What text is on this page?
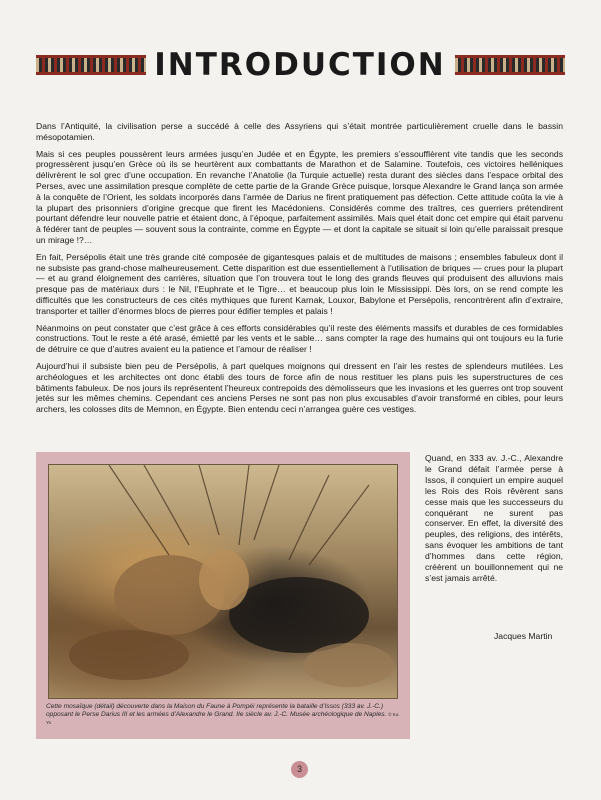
INTRODUCTION

Dans l’Antiquité, la civilisation perse a succédé à celle des Assyriens qui s’était montrée particulièrement cruelle dans le bassin mésopotamien.

Mais si ces peuples poussèrent leurs armées jusqu’en Judée et en Égypte, les premiers s’essoufflèrent vite tandis que les seconds progressèrent jusqu’en Grèce où ils se heurtèrent aux combattants de Marathon et de Salamine. Toutefois, ces victoires helléniques délivrèrent le sol grec d’une occupation. En revanche l’Anatolie (la Turquie actuelle) resta durant des siècles dans l’espace orbital des Perses, avec une assimilation presque complète de cette partie de la Grande Grèce puisque, lorsque Alexandre le Grand lança son armée à la conquête de l’Orient, les soldats incorporés dans l’armée de Darius ne firent pratiquement pas défection. Cette attitude coûta la vie à la plupart des prisonniers d’origine grecque que firent les Macédoniens. Considérés comme des traîtres, ces guerriers prétendirent pourtant défendre leur nouvelle patrie et étaient donc, à l’époque, parfaitement assimilés. Mais quel était donc cet empire qui était parvenu à fédérer tant de peuples — souvent sous la contrainte, comme en Égypte — et dont la capitale se situait si loin qu’elle paraissait presque un mirage !?…

En fait, Persépolis était une très grande cité composée de gigantesques palais et de multitudes de maisons ; ensembles fabuleux dont il ne subsiste pas grand-chose malheureusement. Cette disparition est due essentiellement à l’utilisation de briques — crues pour la plupart — et au grand éloignement des carrières, situation que l’on trouvera tout le long des grands fleuves qui produisent des alluvions mais presque pas de matériaux durs : le Nil, l’Euphrate et le Tigre… et beaucoup plus loin le Mississippi. Dès lors, on se rend compte les difficultés que les constructeurs de ces cités mythiques que furent Karnak, Louxor, Babylone et Persépolis, rencontrèrent afin d’extraire, transporter et tailler d’énormes blocs de pierres pour édifier temples et palais !

Néanmoins on peut constater que c’est grâce à ces efforts considérables qu’il reste des éléments massifs et durables de ces formidables constructions. Tout le reste a été arasé, émietté par les vents et le sable… sans compter la rage des humains qui ont toujours eu la furie de détruire ce que d’autres avaient eu la patience et l’amour de réaliser !

Aujourd’hui il subsiste bien peu de Persépolis, à part quelques moignons qui dressent en l’air les restes de splendeurs mutilées. Les archéologues et les architectes ont donc établi des tours de force afin de nous restituer les plans puis les superstructures de ces bâtiments fabuleux. De nos jours ils représentent l’heureux contrepoids des démolisseurs que les invasions et les guerres ont trop souvent jetés sur les mêmes chemins. Cependant ces anciens Perses ne sont pas non plus excusables d’avoir transformé en cibles, pour leurs archers, les colosses dits de Memnon, en Égypte. Bien entendu ceci n’arrangea guère ces vestiges.

Cette mosaïque (détail) découverte dans la Maison du Faune à Pompéi représente la bataille d’Issos (333 av. J.-C.) opposant le Perse Darius III et les armées d’Alexandre le Grand. IIe siècle av. J.-C. Musée archéologique de Naples. © Ko. Yo

Quand, en 333 av. J.-C., Alexandre le Grand défait l’armée perse à Issos, il conquiert un empire auquel les Rois des Rois rêvèrent sans cesse mais que les successeurs du conquérant ne surent pas conserver. En effet, la diversité des peuples, des religions, des intérêts, sans évoquer les ambitions de tant d’hommes dans cette région, créèrent un bouillonnement qui ne s’est jamais arrêté.

Jacques Martin
3
